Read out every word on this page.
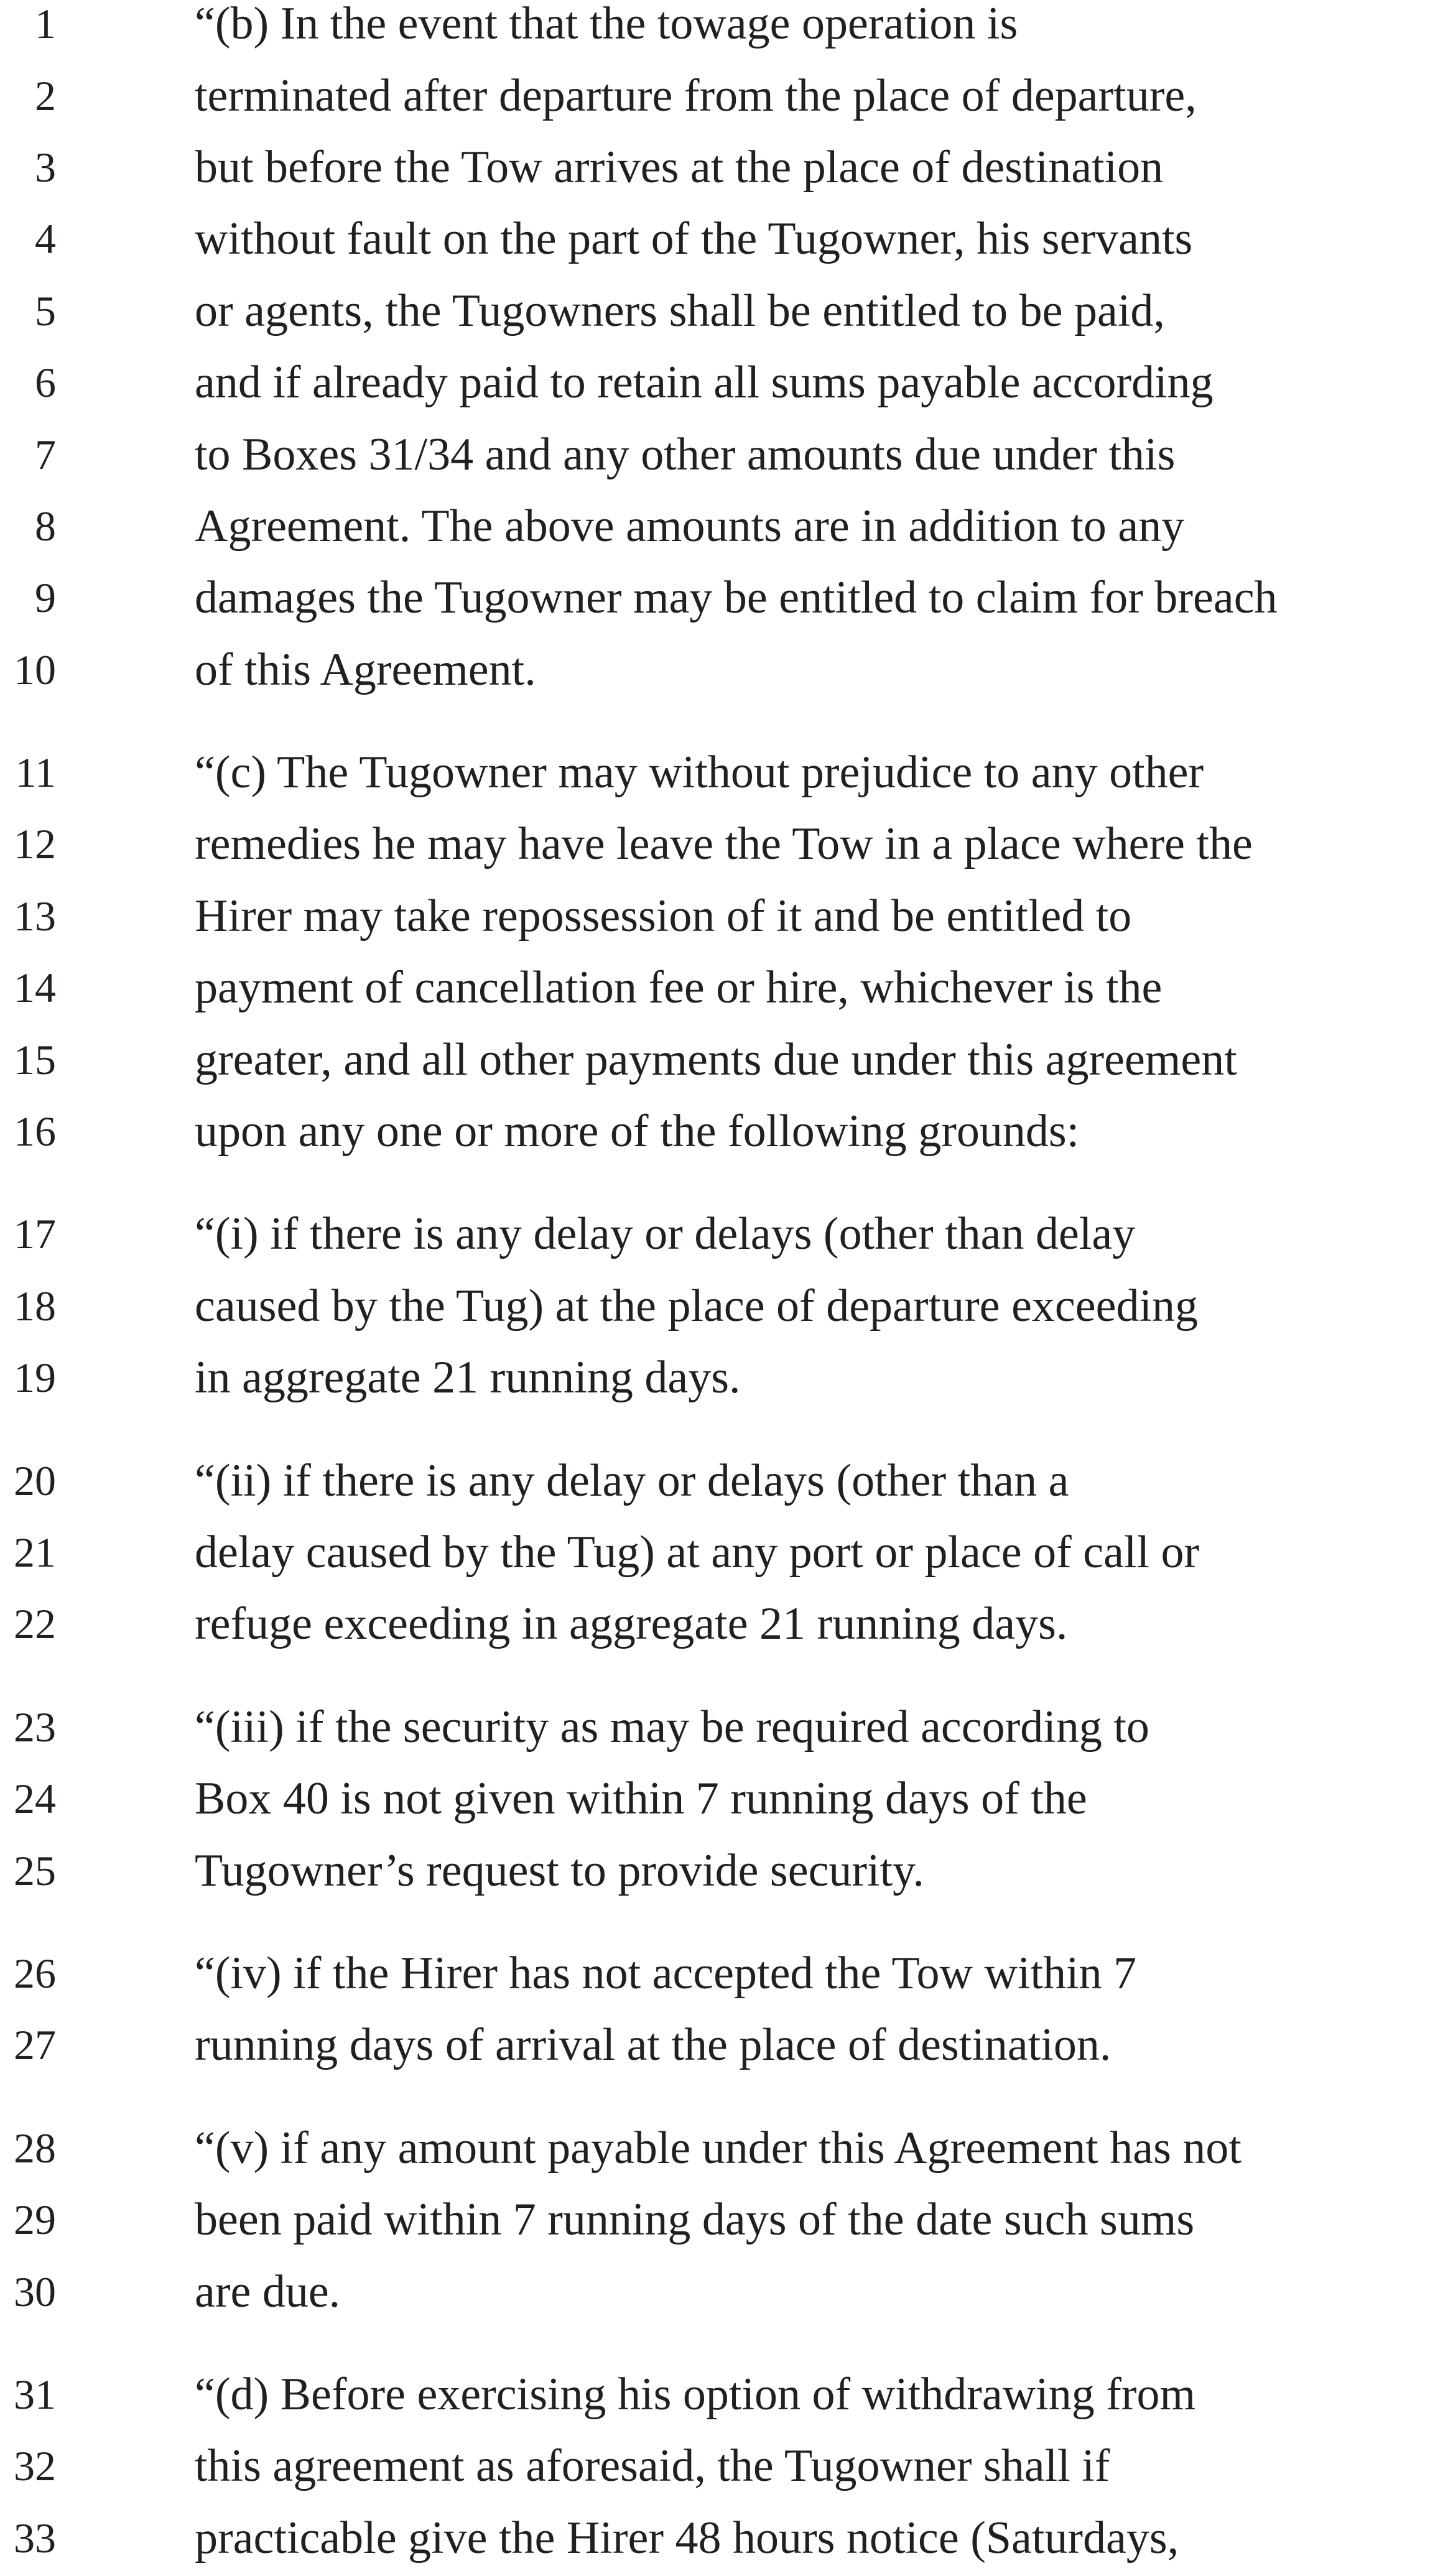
1	“(b) In the event that the towage operation is
2	terminated after departure from the place of departure,
3	but before the Tow arrives at the place of destination
4	without fault on the part of the Tugowner, his servants
5	or agents, the Tugowners shall be entitled to be paid,
6	and if already paid to retain all sums payable according
7	to Boxes 31/34 and any other amounts due under this
8	Agreement. The above amounts are in addition to any
9	damages the Tugowner may be entitled to claim for breach
10	of this Agreement.
11	“(c) The Tugowner may without prejudice to any other
12	remedies he may have leave the Tow in a place where the
13	Hirer may take repossession of it and be entitled to
14	payment of cancellation fee or hire, whichever is the
15	greater, and all other payments due under this agreement
16	upon any one or more of the following grounds:
17	“(i) if there is any delay or delays (other than delay
18	caused by the Tug) at the place of departure exceeding
19	in aggregate 21 running days.
20	“(ii) if there is any delay or delays (other than a
21	delay caused by the Tug) at any port or place of call or
22	refuge exceeding in aggregate 21 running days.
23	“(iii) if the security as may be required according to
24	Box 40 is not given within 7 running days of the
25	Tugowner’s request to provide security.
26	“(iv) if the Hirer has not accepted the Tow within 7
27	running days of arrival at the place of destination.
28	“(v) if any amount payable under this Agreement has not
29	been paid within 7 running days of the date such sums
30	are due.
31	“(d) Before exercising his option of withdrawing from
32	this agreement as aforesaid, the Tugowner shall if
33	practicable give the Hirer 48 hours notice (Saturdays,
